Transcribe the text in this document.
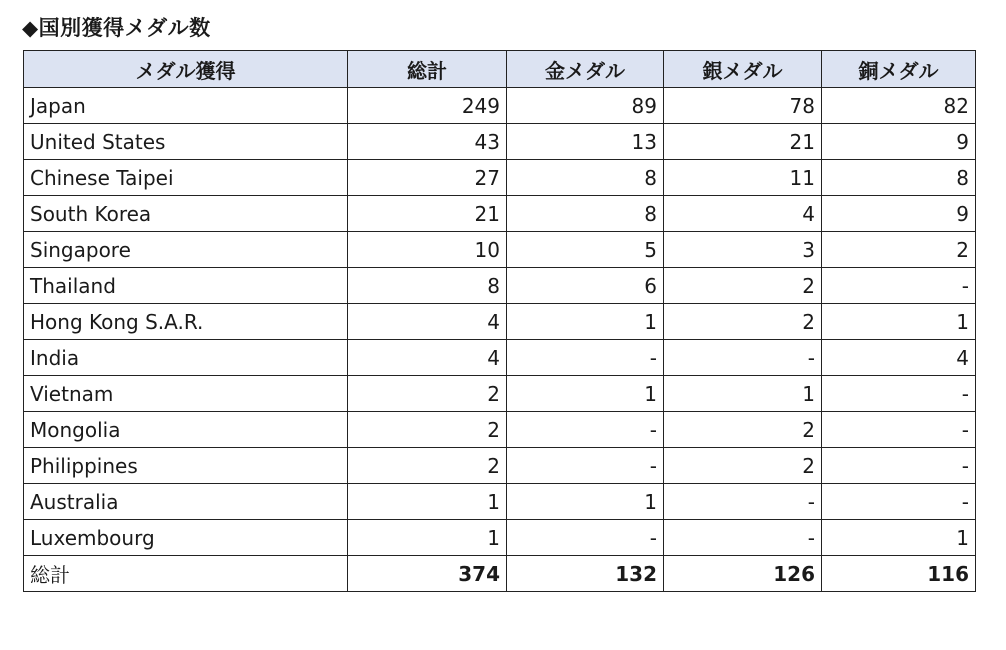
◆国別獲得メダル数
メダル獲得	総計	金メダル	銀メダル	銅メダル
Japan	249	89	78	82
United States	43	13	21	9
Chinese Taipei	27	8	11	8
South Korea	21	8	4	9
Singapore	10	5	3	2
Thailand	8	6	2	-
Hong Kong S.A.R.	4	1	2	1
India	4	-	-	4
Vietnam	2	1	1	-
Mongolia	2	-	2	-
Philippines	2	-	2	-
Australia	1	1	-	-
Luxembourg	1	-	-	1
総計	374	132	126	116
